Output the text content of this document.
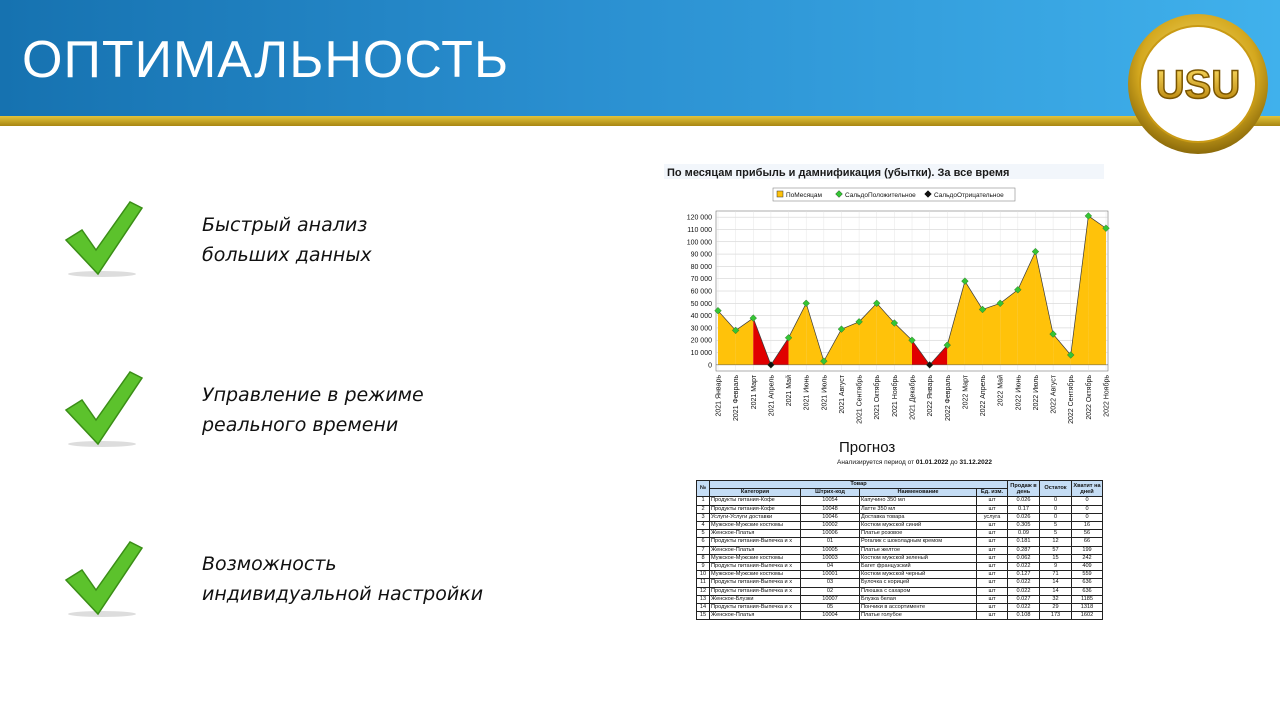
ОПТИМАЛЬНОСТЬ	USU
Быстрый анализ
больших данных
Управление в режиме
реального времени
Возможность
индивидуальной настройки
По месяцам прибыль и дамнификация (убытки). За все время
ПоМесяцам	СальдоПоложительное	СальдоОтрицательное
120 000
110 000
100 000
90 000
80 000
70 000
60 000
50 000
40 000
30 000
20 000
10 000
0
2021 Январь 2021 Февраль 2021 Март 2021 Апрель 2021 Май 2021 Июнь 2021 Июль 2021 Август 2021 Сентябрь 2021 Октябрь 2021 Ноябрь 2021 Декабрь 2022 Январь 2022 Февраль 2022 Март 2022 Апрель 2022 Май 2022 Июнь 2022 Июль 2022 Август 2022 Сентябрь 2022 Октябрь 2022 Ноябрь
Прогноз
Анализируется период от 01.01.2022 до 31.12.2022
№	Товар				Продаж в день	Остаток	Хватит на дней
	Категория	Штрих-код	Наименование	Ед. изм.			
1	Продукты питания-Кофе	10054	Капучино 350 мл	шт	0.026	0	0
2	Продукты питания-Кофе	10048	Латте 350 мл	шт	0.17	0	0
3	Услуги-Услуги доставки	10046	Доставка товара	услуга	0.026	0	0
4	Мужское-Мужские костюмы	10002	Костюм мужской синий	шт	0.305	5	16
5	Женское-Платья	10006	Платье розовое	шт	0.09	5	56
6	Продукты питания-Выпечка и х	01	Рогалик с шоколадным кремом	шт	0.181	12	66
7	Женское-Платья	10005	Платье желтое	шт	0.287	57	199
8	Мужское-Мужские костюмы	10003	Костюм мужской зеленый	шт	0.062	15	242
9	Продукты питания-Выпечка и х	04	Багет французский	шт	0.022	9	409
10	Мужское-Мужские костюмы	10001	Костюм мужской черный	шт	0.127	71	559
11	Продукты питания-Выпечка и х	03	Булочка с корицей	шт	0.022	14	636
12	Продукты питания-Выпечка и х	02	Плюшка с сахаром	шт	0.022	14	636
13	Женское-Блузки	10007	Блузка белая	шт	0.027	32	1185
14	Продукты питания-Выпечка и х	05	Пончики в ассортименте	шт	0.022	29	1318
15	Женское-Платья	10004	Платье голубое	шт	0.108	173	1602
